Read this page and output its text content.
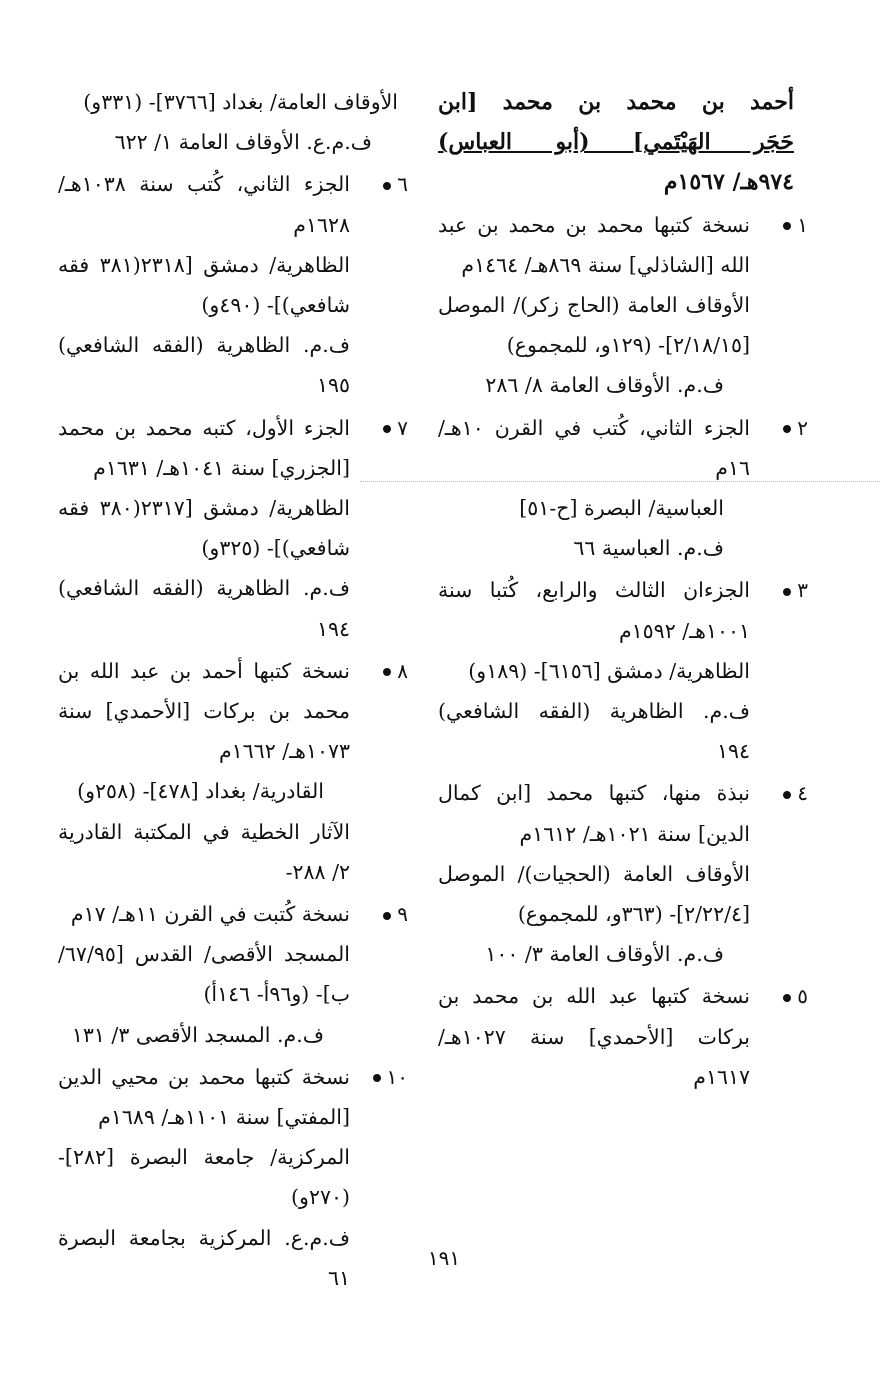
أحمد بن محمد بن محمد [ابن
حَجَر الهَيْتَمي] (أبو العباس)
٩٧٤هـ/ ١٥٦٧م
١
نسخة كتبها محمد بن محمد بن عبد الله [الشاذلي] سنة ٨٦٩هـ/ ١٤٦٤م
الأوقاف العامة (الحاج زكر)/ الموصل [٢/١٨/١٥]- (١٢٩و، للمجموع)
ف.م. الأوقاف العامة ٨/ ٢٨٦
٢
الجزء الثاني، كُتب في القرن ١٠هـ/ ١٦م
العباسية/ البصرة [ح-٥١]
ف.م. العباسية ٦٦
٣
الجزءان الثالث والرابع، كُتبا سنة ١٠٠١هـ/ ١٥٩٢م
الظاهرية/ دمشق [٦١٥٦]- (١٨٩و)
ف.م. الظاهرية (الفقه الشافعي) ١٩٤
٤
نبذة منها، كتبها محمد [ابن كمال الدين] سنة ١٠٢١هـ/ ١٦١٢م
الأوقاف العامة (الحجيات)/ الموصل [٢/٢٢/٤]- (٣٦٣و، للمجموع)
ف.م. الأوقاف العامة ٣/ ١٠٠
٥
نسخة كتبها عبد الله بن محمد بن بركات [الأحمدي] سنة ١٠٢٧هـ/ ١٦١٧م
الأوقاف العامة/ بغداد [٣٧٦٦]- (٣٣١و)
ف.م.ع. الأوقاف العامة ١/ ٦٢٢
٦
الجزء الثاني، كُتب سنة ١٠٣٨هـ/ ١٦٢٨م
الظاهرية/ دمشق [٢٣١٨(٣٨١ فقه شافعي)]- (٤٩٠و)
ف.م. الظاهرية (الفقه الشافعي) ١٩٥
٧
الجزء الأول، كتبه محمد بن محمد [الجزري] سنة ١٠٤١هـ/ ١٦٣١م
الظاهرية/ دمشق [٢٣١٧(٣٨٠ فقه شافعي)]- (٣٢٥و)
ف.م. الظاهرية (الفقه الشافعي) ١٩٤
٨
نسخة كتبها أحمد بن عبد الله بن محمد بن بركات [الأحمدي] سنة ١٠٧٣هـ/ ١٦٦٢م
القادرية/ بغداد [٤٧٨]- (٢٥٨و)
الآثار الخطية في المكتبة القادرية ٢/ ٢٨٨-
٩
نسخة كُتبت في القرن ١١هـ/ ١٧م
المسجد الأقصى/ القدس [٦٧/٩٥/ب]- (و٩٦أ- ١٤٦أ)
ف.م. المسجد الأقصى ٣/ ١٣١
١٠
نسخة كتبها محمد بن محيي الدين [المفتي] سنة ١١٠١هـ/ ١٦٨٩م
المركزية/ جامعة البصرة [٢٨٢]- (٢٧٠و)
ف.م.ع. المركزية بجامعة البصرة ٦١
١٩١
